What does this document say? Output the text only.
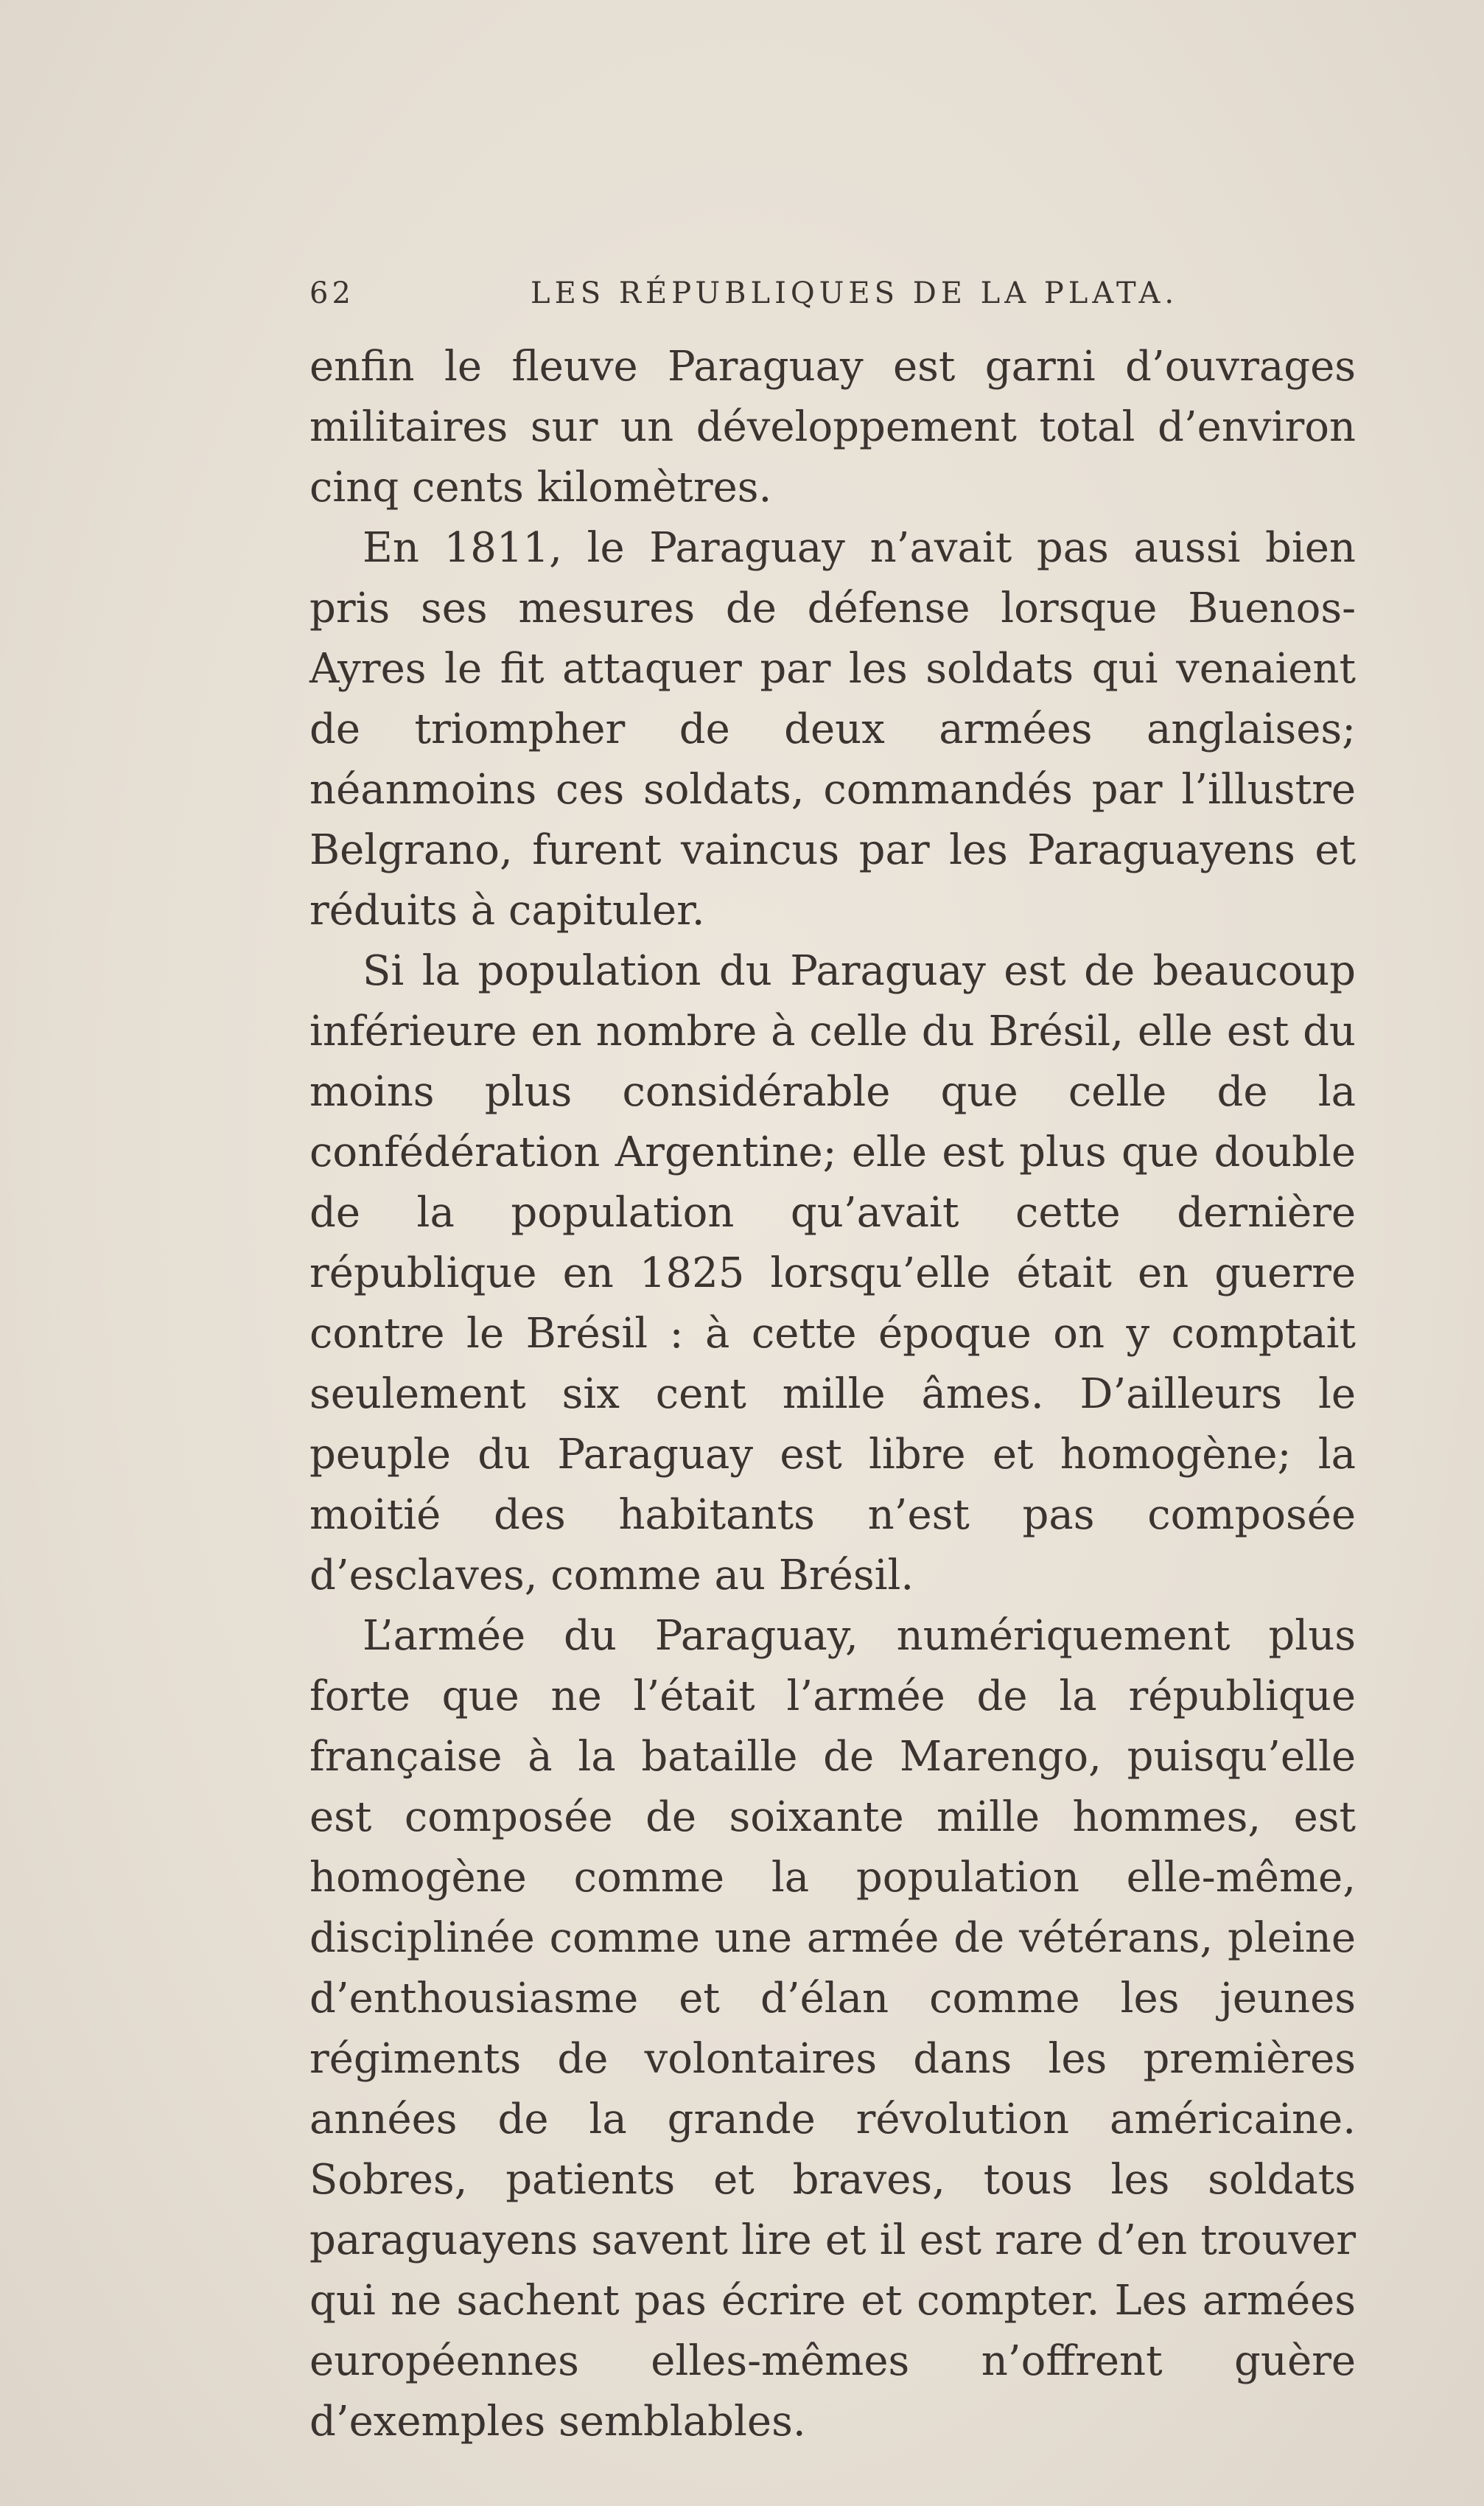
62	LES RÉPUBLIQUES DE LA PLATA.

enfin le fleuve Paraguay est garni d’ouvrages militaires sur un développement total d’environ cinq cents kilomètres.

En 1811, le Paraguay n’avait pas aussi bien pris ses mesures de défense lorsque Buenos-Ayres le fit attaquer par les soldats qui venaient de triompher de deux armées anglaises; néanmoins ces soldats, commandés par l’illustre Belgrano, furent vaincus par les Paraguayens et réduits à capituler.

Si la population du Paraguay est de beaucoup inférieure en nombre à celle du Brésil, elle est du moins plus considérable que celle de la confédération Argentine; elle est plus que double de la population qu’avait cette dernière république en 1825 lorsqu’elle était en guerre contre le Brésil : à cette époque on y comptait seulement six cent mille âmes. D’ailleurs le peuple du Paraguay est libre et homogène; la moitié des habitants n’est pas composée d’esclaves, comme au Brésil.

L’armée du Paraguay, numériquement plus forte que ne l’était l’armée de la république française à la bataille de Marengo, puisqu’elle est composée de soixante mille hommes, est homogène comme la population elle-même, disciplinée comme une armée de vétérans, pleine d’enthousiasme et d’élan comme les jeunes régiments de volontaires dans les premières années de la grande révolution américaine. Sobres, patients et braves, tous les soldats paraguayens savent lire et il est rare d’en trouver qui ne sachent pas écrire et compter. Les armées européennes elles-mêmes n’offrent guère d’exemples semblables.
